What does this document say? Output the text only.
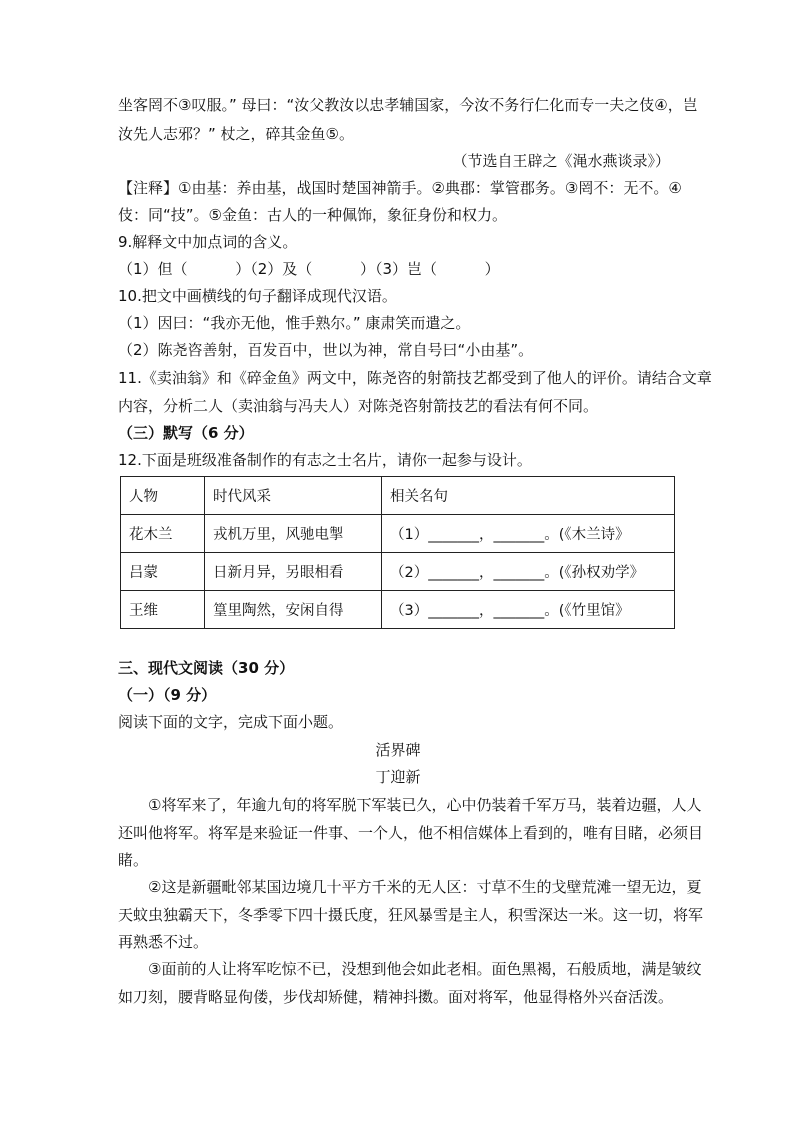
坐客罔不③叹服。” 母曰：“汝父教汝以忠孝辅国家，今汝不务行仁化而专一夫之伎④，岂
汝先人志邪？” 杖之，碎其金鱼⑤。
（节选自王辟之《渑水燕谈录》）
【注释】①由基：养由基，战国时楚国神箭手。②典郡：掌管郡务。③罔不：无不。④
伎：同“技”。⑤金鱼：古人的一种佩饰，象征身份和权力。
9.解释文中加点词的含义。
（1）但（          ）（2）及（          ）（3）岂（          ）
10.把文中画横线的句子翻译成现代汉语。
（1）因曰：“我亦无他，惟手熟尔。” 康肃笑而遣之。
（2）陈尧咨善射，百发百中，世以为神，常自号曰“小由基”。
11.《卖油翁》和《碎金鱼》两文中，陈尧咨的射箭技艺都受到了他人的评价。请结合文章
内容，分析二人（卖油翁与冯夫人）对陈尧咨射箭技艺的看法有何不同。
（三）默写（6 分）
12.下面是班级准备制作的有志之士名片，请你一起参与设计。
人物	时代风采	相关名句
花木兰	戎机万里，风驰电掣	（1）_______，_______。(《木兰诗》
吕蒙	日新月异，另眼相看	（2）_______，_______。(《孙权劝学》
王维	篁里陶然，安闲自得	（3）_______，_______。(《竹里馆》
三、现代文阅读（30 分）
（一）（9 分）
阅读下面的文字，完成下面小题。
活界碑
丁迎新
①将军来了，年逾九旬的将军脱下军装已久，心中仍装着千军万马，装着边疆，人人
还叫他将军。将军是来验证一件事、一个人，他不相信媒体上看到的，唯有目睹，必须目
睹。
②这是新疆毗邻某国边境几十平方千米的无人区：寸草不生的戈壁荒滩一望无边，夏
天蚊虫独霸天下，冬季零下四十摄氏度，狂风暴雪是主人，积雪深达一米。这一切，将军
再熟悉不过。
③面前的人让将军吃惊不已，没想到他会如此老相。面色黑褐，石般质地，满是皱纹
如刀刻，腰背略显佝偻，步伐却矫健，精神抖擞。面对将军，他显得格外兴奋活泼。
